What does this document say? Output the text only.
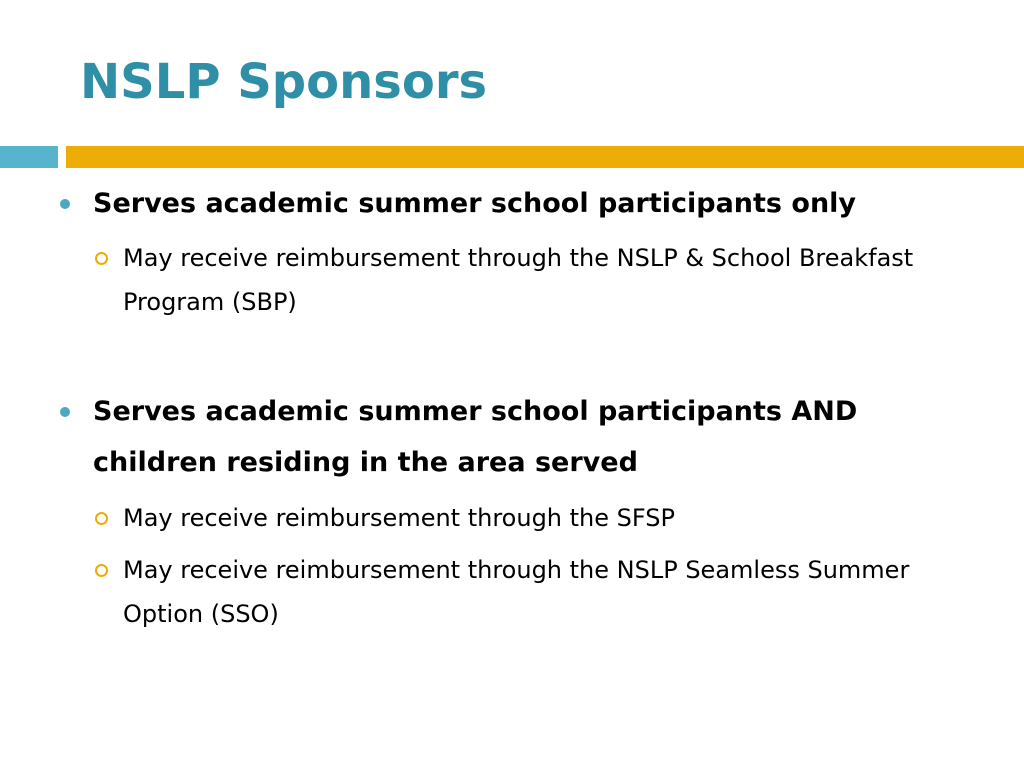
NSLP Sponsors
Serves academic summer school participants only
May receive reimbursement through the NSLP & School Breakfast Program (SBP)
Serves academic summer school participants AND children residing in the area served
May receive reimbursement through the SFSP
May receive reimbursement through the NSLP Seamless Summer Option (SSO)
